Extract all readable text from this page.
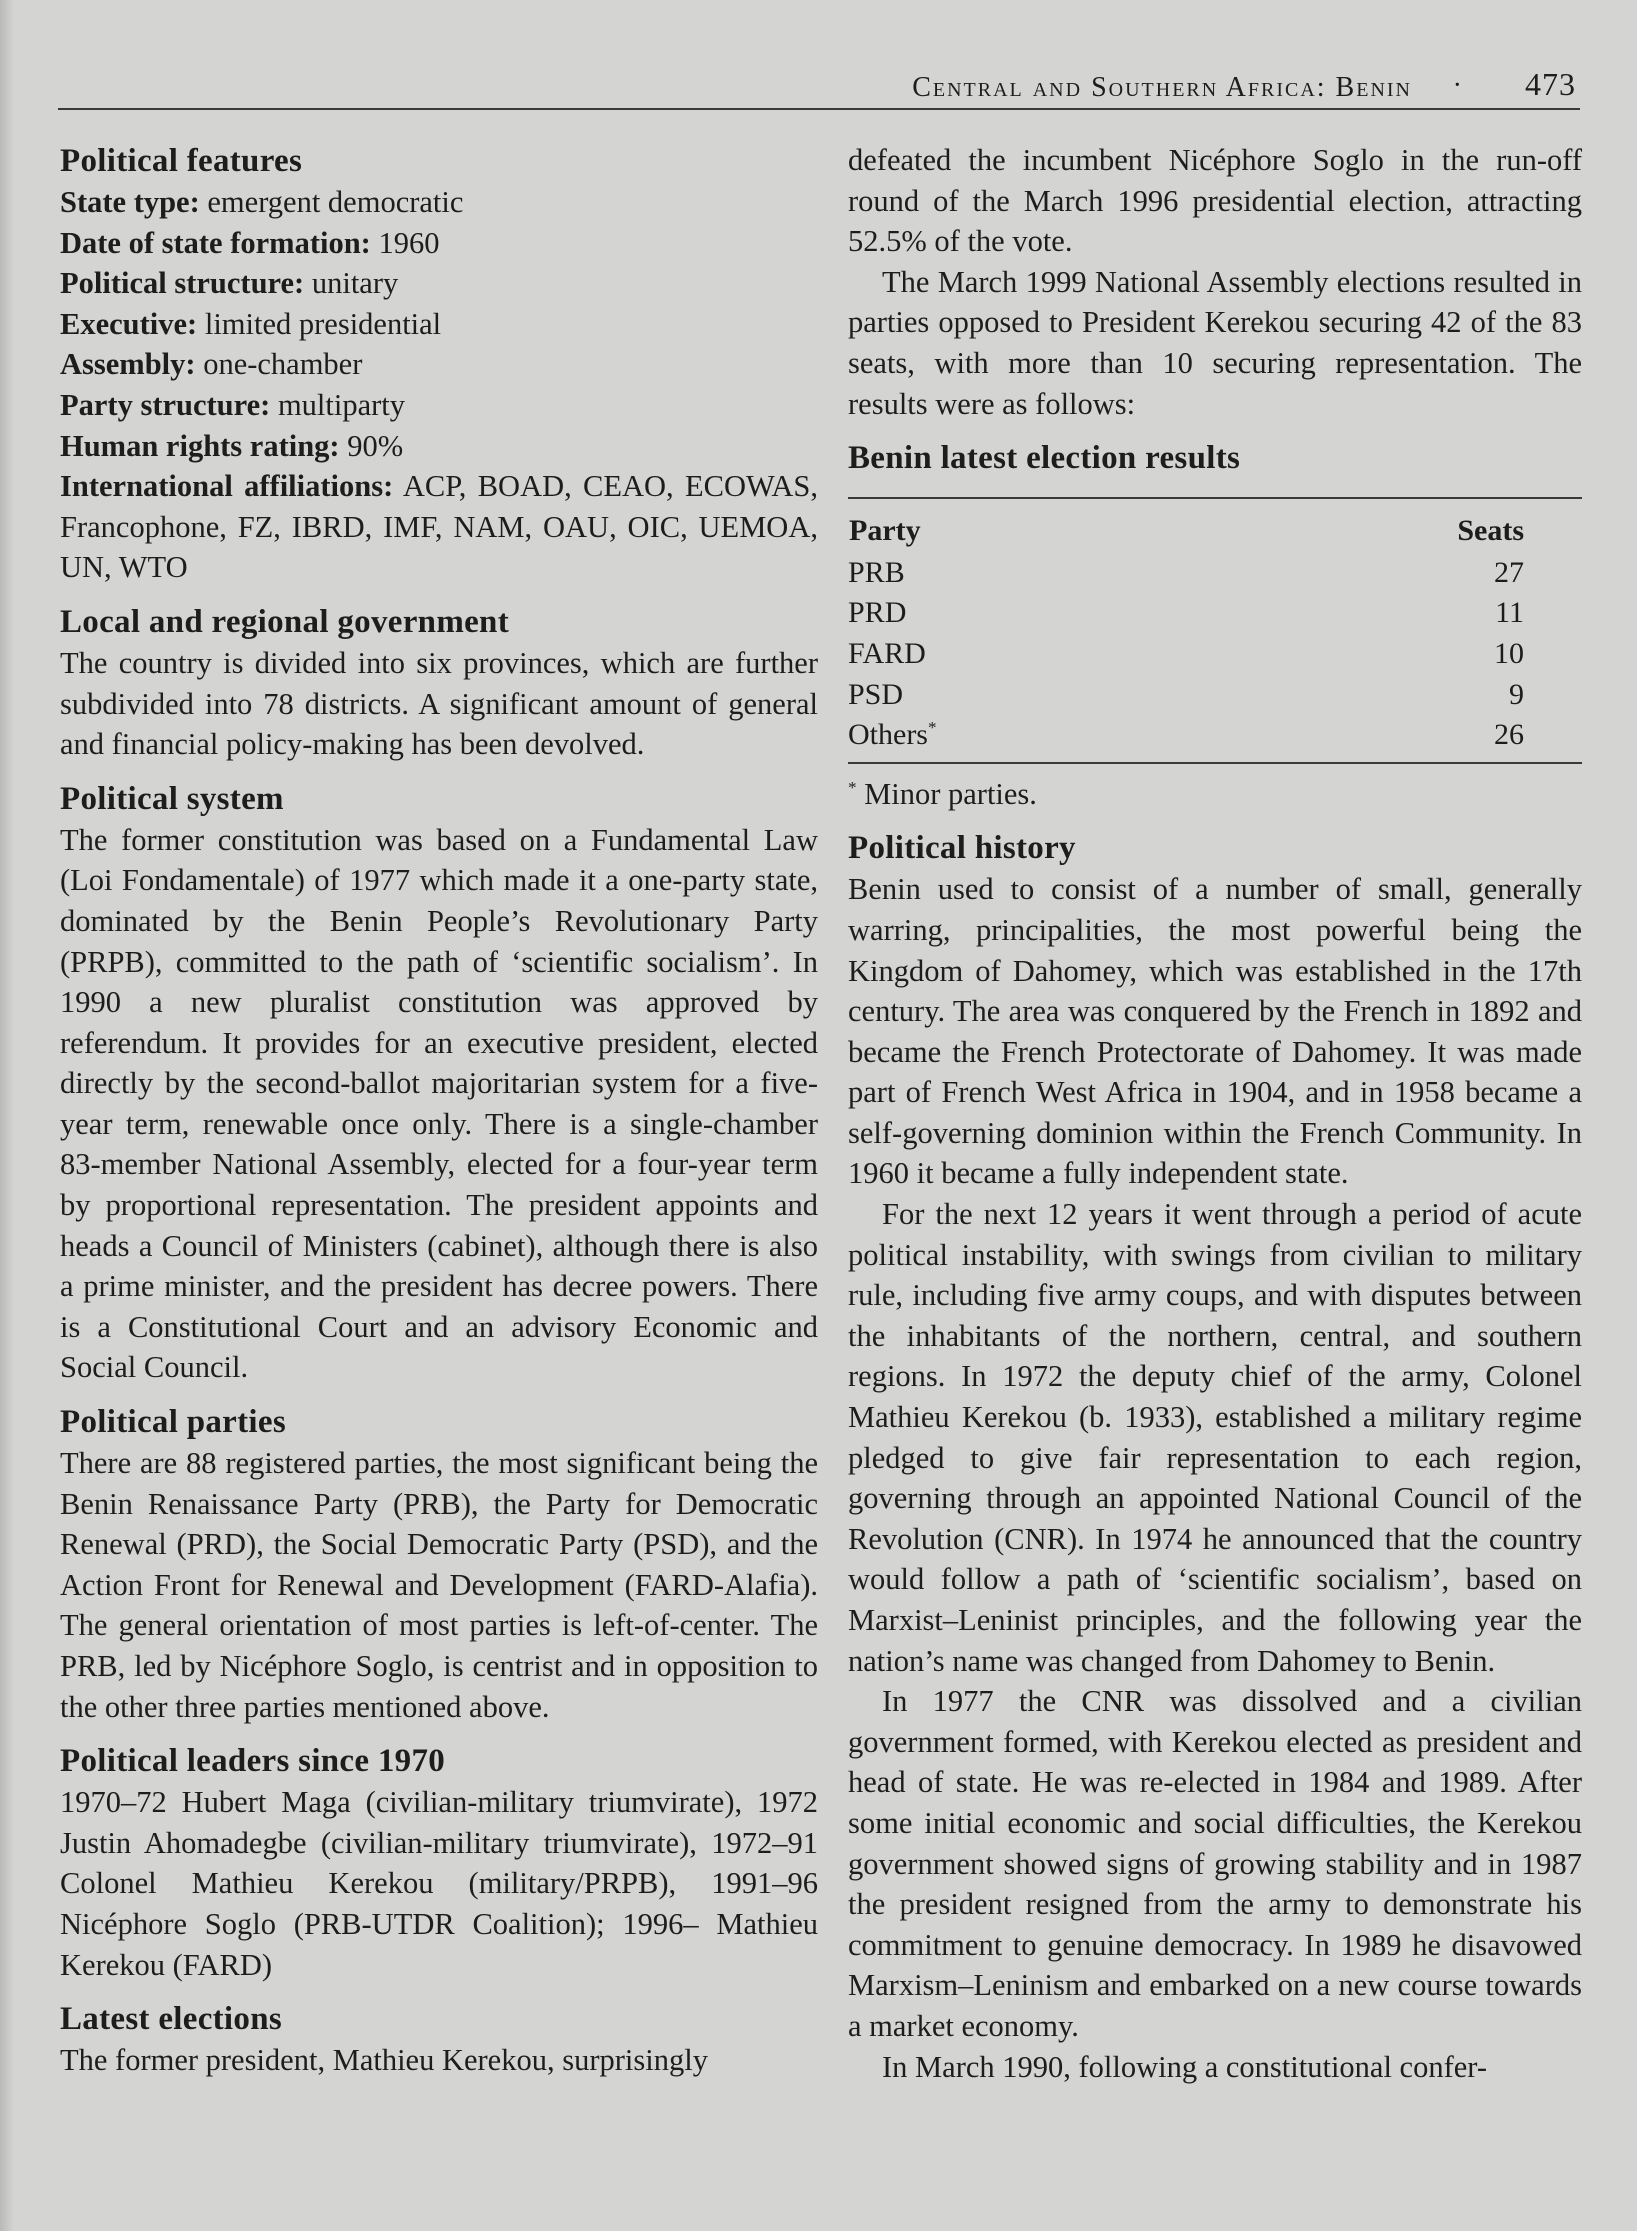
Central and Southern Africa: Benin · 473
Political features
State type: emergent democratic
Date of state formation: 1960
Political structure: unitary
Executive: limited presidential
Assembly: one-chamber
Party structure: multiparty
Human rights rating: 90%
International affiliations: ACP, BOAD, CEAO, ECOWAS, Francophone, FZ, IBRD, IMF, NAM, OAU, OIC, UEMOA, UN, WTO
Local and regional government

The country is divided into six provinces, which are further subdivided into 78 districts. A significant amount of general and financial policy-making has been devolved.

Political system

The former constitution was based on a Fundamental Law (Loi Fondamentale) of 1977 which made it a one-party state, dominated by the Benin People’s Revolutionary Party (PRPB), committed to the path of ‘scientific socialism’. In 1990 a new pluralist constitution was approved by referendum. It provides for an executive president, elected directly by the second-ballot majoritarian system for a five-year term, renewable once only. There is a single-chamber 83-member National Assembly, elected for a four-year term by proportional representation. The president appoints and heads a Council of Ministers (cabinet), although there is also a prime minister, and the president has decree powers. There is a Constitutional Court and an advisory Economic and Social Council.

Political parties

There are 88 registered parties, the most significant being the Benin Renaissance Party (PRB), the Party for Democratic Renewal (PRD), the Social Democratic Party (PSD), and the Action Front for Renewal and Development (FARD-Alafia). The general orientation of most parties is left-of-center. The PRB, led by Nicéphore Soglo, is centrist and in opposition to the other three parties mentioned above.

Political leaders since 1970

1970–72 Hubert Maga (civilian-military triumvirate), 1972 Justin Ahomadegbe (civilian-military triumvirate), 1972–91 Colonel Mathieu Kerekou (military/PRPB), 1991–96 Nicéphore Soglo (PRB-UTDR Coalition); 1996– Mathieu Kerekou (FARD)

Latest elections

The former president, Mathieu Kerekou, surprisingly

defeated the incumbent Nicéphore Soglo in the run-off round of the March 1996 presidential election, attracting 52.5% of the vote.

The March 1999 National Assembly elections resulted in parties opposed to President Kerekou securing 42 of the 83 seats, with more than 10 securing representation. The results were as follows:

Benin latest election results
Party	Seats
PRB	27
PRD	11
FARD	10
PSD	9
Others*	26
* Minor parties.
Political history

Benin used to consist of a number of small, generally warring, principalities, the most powerful being the Kingdom of Dahomey, which was established in the 17th century. The area was conquered by the French in 1892 and became the French Protectorate of Dahomey. It was made part of French West Africa in 1904, and in 1958 became a self-governing dominion within the French Community. In 1960 it became a fully independent state.

For the next 12 years it went through a period of acute political instability, with swings from civilian to military rule, including five army coups, and with disputes between the inhabitants of the northern, central, and southern regions. In 1972 the deputy chief of the army, Colonel Mathieu Kerekou (b. 1933), established a military regime pledged to give fair representation to each region, governing through an appointed National Council of the Revolution (CNR). In 1974 he announced that the country would follow a path of ‘scientific socialism’, based on Marxist–Leninist principles, and the following year the nation’s name was changed from Dahomey to Benin.

In 1977 the CNR was dissolved and a civilian government formed, with Kerekou elected as president and head of state. He was re-elected in 1984 and 1989. After some initial economic and social difficulties, the Kerekou government showed signs of growing stability and in 1987 the president resigned from the army to demonstrate his commitment to genuine democracy. In 1989 he disavowed Marxism–Leninism and embarked on a new course towards a market economy.

In March 1990, following a constitutional confer-
